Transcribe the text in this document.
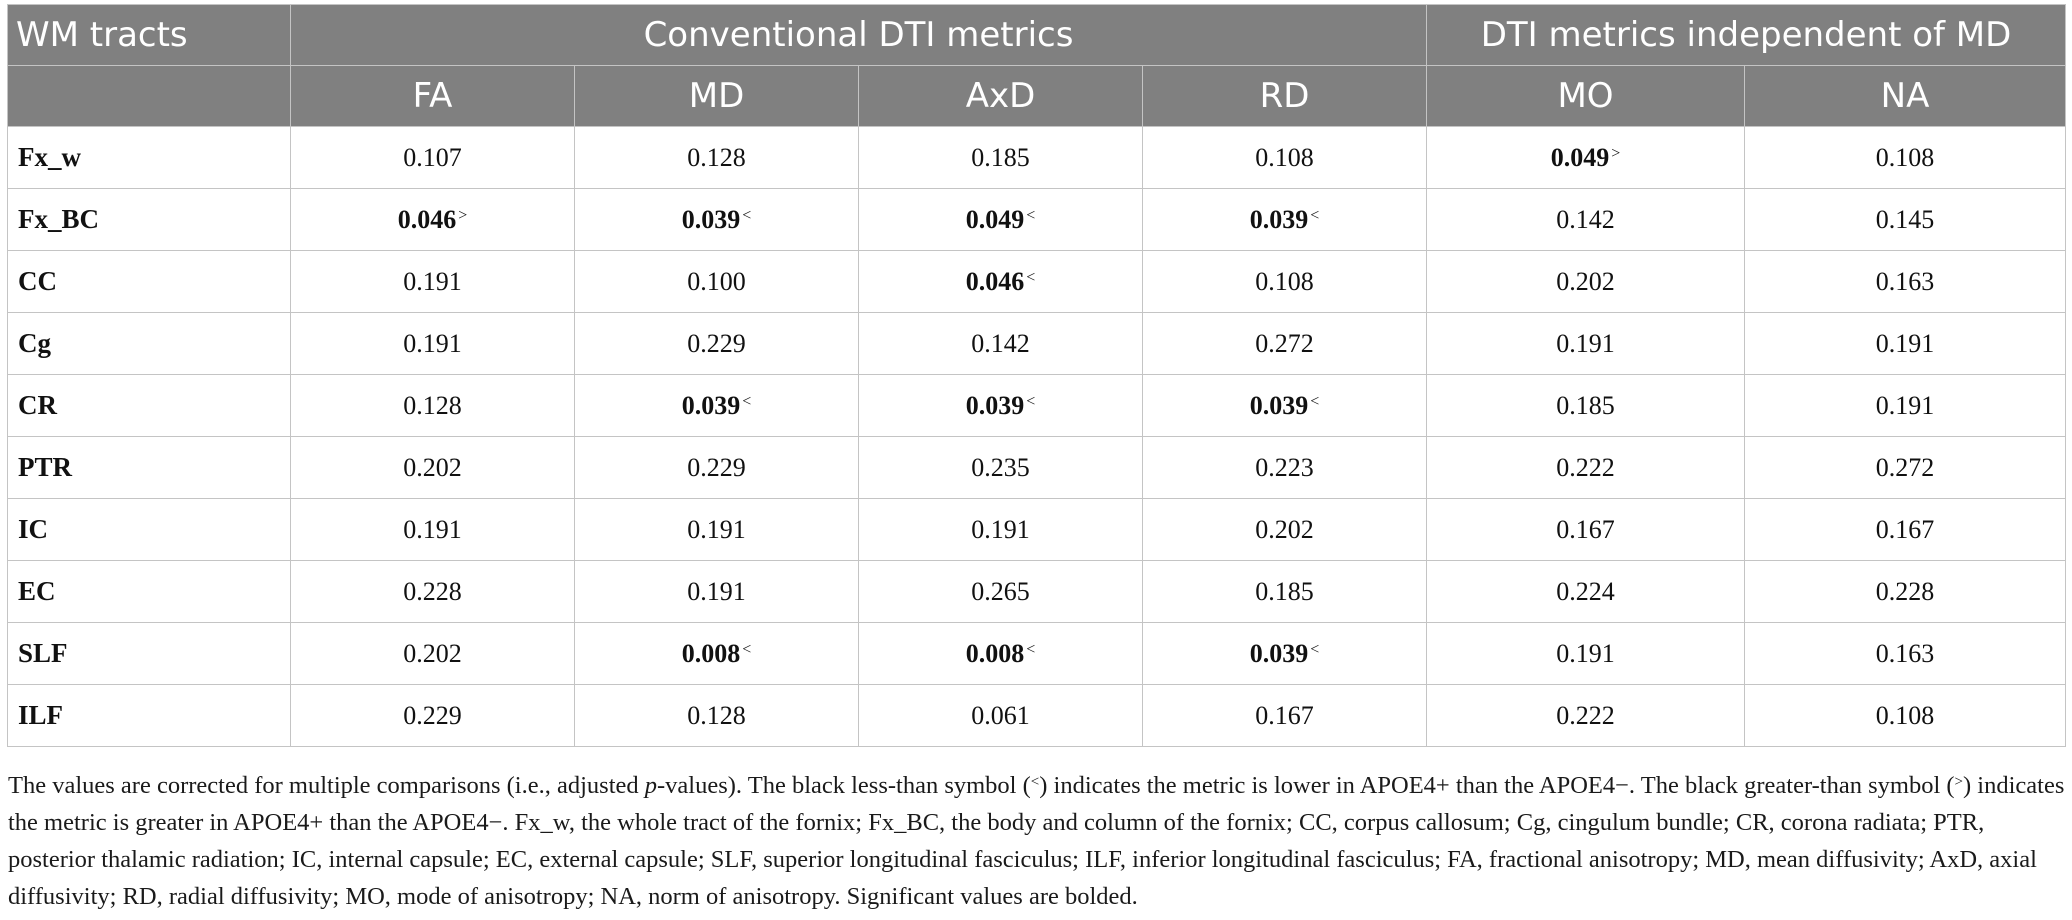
WM tracts	Conventional DTI metrics				DTI metrics independent of MD	
	FA	MD	AxD	RD	MO	NA
Fx_w	0.107	0.128	0.185	0.108	0.049 >	0.108
Fx_BC	0.046 >	0.039 <	0.049 <	0.039 <	0.142	0.145
CC	0.191	0.100	0.046 <	0.108	0.202	0.163
Cg	0.191	0.229	0.142	0.272	0.191	0.191
CR	0.128	0.039 <	0.039 <	0.039 <	0.185	0.191
PTR	0.202	0.229	0.235	0.223	0.222	0.272
IC	0.191	0.191	0.191	0.202	0.167	0.167
EC	0.228	0.191	0.265	0.185	0.224	0.228
SLF	0.202	0.008 <	0.008 <	0.039 <	0.191	0.163
ILF	0.229	0.128	0.061	0.167	0.222	0.108

The values are corrected for multiple comparisons (i.e., adjusted p-values). The black less-than symbol (<) indicates the metric is lower in APOE4+ than the APOE4−. The black greater-than symbol (>) indicates the metric is greater in APOE4+ than the APOE4−. Fx_w, the whole tract of the fornix; Fx_BC, the body and column of the fornix; CC, corpus callosum; Cg, cingulum bundle; CR, corona radiata; PTR, posterior thalamic radiation; IC, internal capsule; EC, external capsule; SLF, superior longitudinal fasciculus; ILF, inferior longitudinal fasciculus; FA, fractional anisotropy; MD, mean diffusivity; AxD, axial diffusivity; RD, radial diffusivity; MO, mode of anisotropy; NA, norm of anisotropy. Significant values are bolded.
